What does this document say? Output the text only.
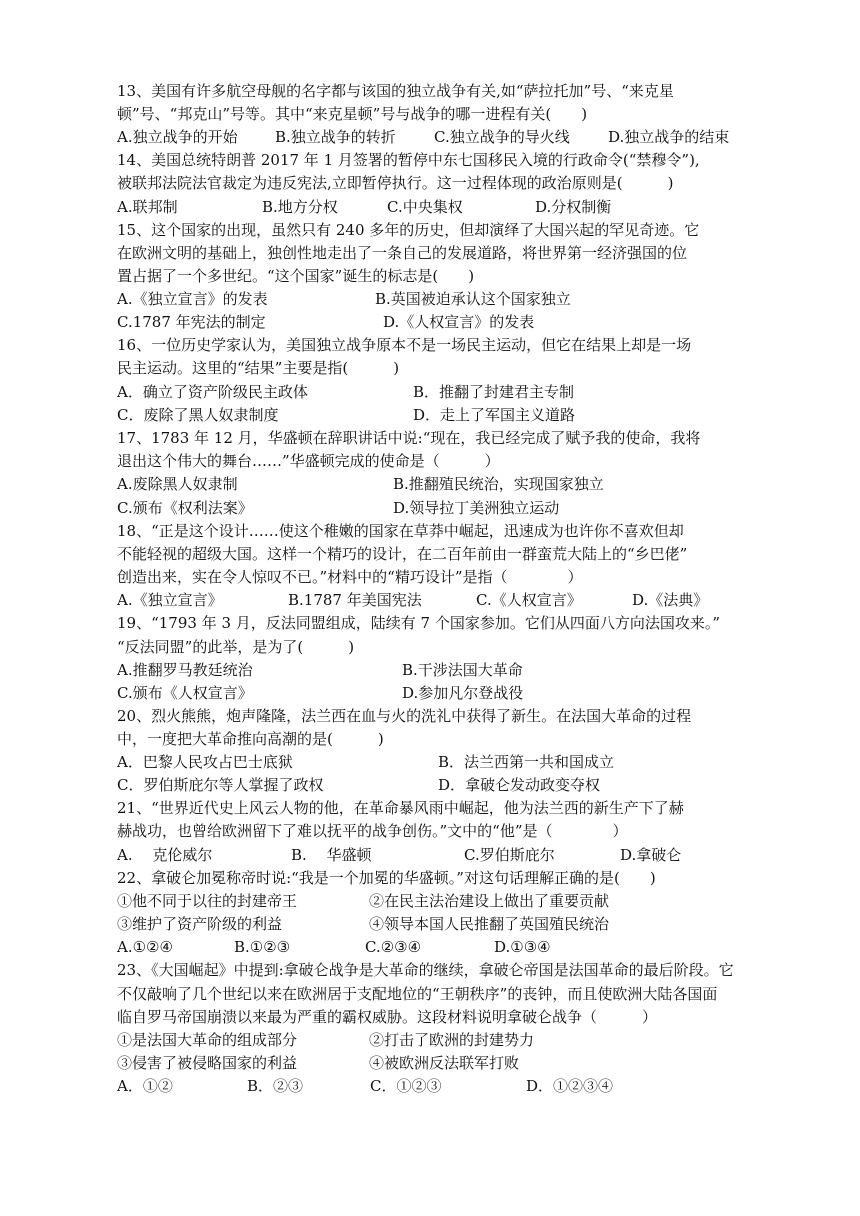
13、美国有许多航空母舰的名字都与该国的独立战争有关,如“萨拉托加”号、“来克星
顿”号、“邦克山”号等。其中“来克星顿”号与战争的哪一进程有关(　　)
A.独立战争的开始 B.独立战争的转折	C.独立战争的导火线	D.独立战争的结束
14、美国总统特朗普 2017 年 1 月签署的暂停中东七国移民入境的行政命令(“禁穆令”),
被联邦法院法官裁定为违反宪法,立即暂停执行。这一过程体现的政治原则是(　　　)
A.联邦制	B.地方分权	C.中央集权	D.分权制衡
15、这个国家的出现，虽然只有 240 多年的历史，但却演绎了大国兴起的罕见奇迹。它
在欧洲文明的基础上，独创性地走出了一条自己的发展道路，将世界第一经济强国的位
置占据了一个多世纪。“这个国家”诞生的标志是(　　)
A.《独立宣言》的发表	B.英国被迫承认这个国家独立
C.1787 年宪法的制定	D.《人权宣言》的发表
16、一位历史学家认为，美国独立战争原本不是一场民主运动，但它在结果上却是一场
民主运动。这里的“结果”主要是指(　　　)
A．确立了资产阶级民主政体	B．推翻了封建君主专制
C．废除了黑人奴隶制度	D．走上了军国主义道路
17、1783 年 12 月，华盛顿在辞职讲话中说:“现在，我已经完成了赋予我的使命，我将
退出这个伟大的舞台……”华盛顿完成的使命是（　　　）
A.废除黑人奴隶制	B.推翻殖民统治，实现国家独立
C.颁布《权利法案》	D.领导拉丁美洲独立运动
18、“正是这个设计……使这个稚嫩的国家在草莽中崛起，迅速成为也许你不喜欢但却
不能轻视的超级大国。这样一个精巧的设计，在二百年前由一群蛮荒大陆上的“乡巴佬”
创造出来，实在令人惊叹不已。”材料中的“精巧设计”是指（　　　　）
A.《独立宣言》	B.1787 年美国宪法	C.《人权宣言》	D.《法典》
19、“1793 年 3 月，反法同盟组成，陆续有 7 个国家参加。它们从四面八方向法国攻来。”
“反法同盟”的此举，是为了(　　　)
A.推翻罗马教廷统治	B.干涉法国大革命
C.颁布《人权宣言》	D.参加凡尔登战役
20、烈火熊熊，炮声隆隆，法兰西在血与火的洗礼中获得了新生。在法国大革命的过程
中，一度把大革命推向高潮的是(　　　)
A．巴黎人民攻占巴士底狱	B．法兰西第一共和国成立
C．罗伯斯庇尔等人掌握了政权	D．拿破仑发动政变夺权
21、“世界近代史上风云人物的他，在革命暴风雨中崛起，他为法兰西的新生产下了赫
赫战功，也曾给欧洲留下了难以抚平的战争创伤。”文中的“他”是（　　　　）
A.　 克伦威尔	B.　 华盛顿	C.罗伯斯庇尔	D.拿破仑
22、拿破仑加冕称帝时说:“我是一个加冕的华盛顿。”对这句话理解正确的是(　　)
①他不同于以往的封建帝王	②在民主法治建设上做出了重要贡献
③维护了资产阶级的利益	④领导本国人民推翻了英国殖民统治
A.①②④	B.①②③	C.②③④	D.①③④
23、《大国崛起》中提到:拿破仑战争是大革命的继续，拿破仑帝国是法国革命的最后阶段。它
不仅敲响了几个世纪以来在欧洲居于支配地位的“王朝秩序”的丧钟，而且使欧洲大陆各国面
临自罗马帝国崩溃以来最为严重的霸权威胁。这段材料说明拿破仑战争（　　　）
①是法国大革命的组成部分	②打击了欧洲的封建势力
③侵害了被侵略国家的利益	④被欧洲反法联军打败
A．①②	B．②③	C．①②③	D．①②③④
